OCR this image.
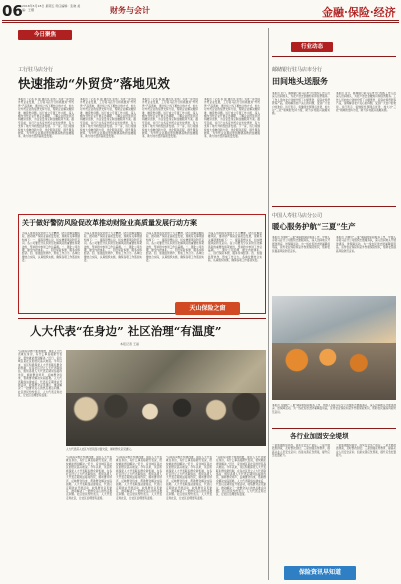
06 2018年5月18日 星期五 责任编辑：张晓 美编：王娜	财务与会计	金融·保险·经济
今日聚焦
工行驻马店分行
快速推动“外贸贷”落地见效
本报讯（记者 李 强 通讯员 张伟）为进一步支持外贸企业发展，工行驻马店分行积极推进“外贸贷”产品落地，通过线上线下相结合的方式，加大对外贸企业的信贷支持力度，帮助企业解决融资难、融资贵问题。该行成立专项工作小组，深入辖内外贸企业开展走访调研，了解企业经营状况和融资需求，为企业量身定制金融服务方案。截至目前，该行已为多家外贸企业发放贷款，有力支持了地方外向型经济发展。下一步，该行将继续加大金融创新力度，优化服务流程，提升服务效率，为外贸企业提供更加便捷高效的金融服务，助力地方经济高质量发展。
本报讯（记者 李 强 通讯员 张伟）为进一步支持外贸企业发展，工行驻马店分行积极推进“外贸贷”产品落地，通过线上线下相结合的方式，加大对外贸企业的信贷支持力度，帮助企业解决融资难、融资贵问题。该行成立专项工作小组，深入辖内外贸企业开展走访调研，了解企业经营状况和融资需求，为企业量身定制金融服务方案。截至目前，该行已为多家外贸企业发放贷款，有力支持了地方外向型经济发展。下一步，该行将继续加大金融创新力度，优化服务流程，提升服务效率，为外贸企业提供更加便捷高效的金融服务，助力地方经济高质量发展。
本报讯（记者 李 强 通讯员 张伟）为进一步支持外贸企业发展，工行驻马店分行积极推进“外贸贷”产品落地，通过线上线下相结合的方式，加大对外贸企业的信贷支持力度，帮助企业解决融资难、融资贵问题。该行成立专项工作小组，深入辖内外贸企业开展走访调研，了解企业经营状况和融资需求，为企业量身定制金融服务方案。截至目前，该行已为多家外贸企业发放贷款，有力支持了地方外向型经济发展。下一步，该行将继续加大金融创新力度，优化服务流程，提升服务效率，为外贸企业提供更加便捷高效的金融服务，助力地方经济高质量发展。
本报讯（记者 李 强 通讯员 张伟）为进一步支持外贸企业发展，工行驻马店分行积极推进“外贸贷”产品落地，通过线上线下相结合的方式，加大对外贸企业的信贷支持力度，帮助企业解决融资难、融资贵问题。该行成立专项工作小组，深入辖内外贸企业开展走访调研，了解企业经营状况和融资需求，为企业量身定制金融服务方案。截至目前，该行已为多家外贸企业发放贷款，有力支持了地方外向型经济发展。下一步，该行将继续加大金融创新力度，优化服务流程，提升服务效率，为外贸企业提供更加便捷高效的金融服务，助力地方经济高质量发展。
行业动态
邮储银行驻马店市分行
田间地头送服务
本报讯 近日，邮储银行驻马店市分行组织工作人员深入田间地头，为农户送去金融知识和信贷服务。工作人员向农户详细介绍了小额贷款、家庭农场贷款等产品，现场解答农户关心的问题，受到广大农户的欢迎。该行表示，将继续发挥网点优势，加大对“三农”领域的支持力度，助力乡村振兴战略实施。
本报讯 近日，邮储银行驻马店市分行组织工作人员深入田间地头，为农户送去金融知识和信贷服务。工作人员向农户详细介绍了小额贷款、家庭农场贷款等产品，现场解答农户关心的问题，受到广大农户的欢迎。该行表示，将继续发挥网点优势，加大对“三农”领域的支持力度，助力乡村振兴战略实施。
中国人寿驻马店分公司
暖心服务护航“三夏”生产
本报讯 为做好“三夏”期间的保险服务工作，中国人寿驻马店分公司组织志愿服务队，深入田间地头开展送清凉、送保障活动，为一线农民送去防暑降温用品，宣传农业保险和意外伤害保险知识，帮助农民提高风险防范意识。
本报讯 为做好“三夏”期间的保险服务工作，中国人寿驻马店分公司组织志愿服务队，深入田间地头开展送清凉、送保障活动，为一线农民送去防暑降温用品，宣传农业保险和意外伤害保险知识，帮助农民提高风险防范意识。
本报讯 为做好“三夏”期间的保险服务工作，中国人寿驻马店分公司组织志愿服务队，深入田间地头开展送清凉、送保障活动，为一线农民送去防暑降温用品，宣传农业保险和意外伤害保险知识，帮助农民提高风险防范意识。
关于做好警防风险促改革推动财险业高质量发展行动方案
为深入贯彻落实党的十九大精神，防范化解金融风险，推动财产保险业高质量发展，现就有关事项通知如下：一、提高思想认识，切实增强风险防范意识。各公司要充分认识防范化解风险的重要性和紧迫性，坚持稳中求进工作总基调。二、强化公司治理，健全内控体系。三、回归保险本源，服务实体经济。四、加强监管协作，形成工作合力。各单位要结合实际，认真组织实施，确保各项工作落到实处。
为深入贯彻落实党的十九大精神，防范化解金融风险，推动财产保险业高质量发展，现就有关事项通知如下：一、提高思想认识，切实增强风险防范意识。各公司要充分认识防范化解风险的重要性和紧迫性，坚持稳中求进工作总基调。二、强化公司治理，健全内控体系。三、回归保险本源，服务实体经济。四、加强监管协作，形成工作合力。各单位要结合实际，认真组织实施，确保各项工作落到实处。
为深入贯彻落实党的十九大精神，防范化解金融风险，推动财产保险业高质量发展，现就有关事项通知如下：一、提高思想认识，切实增强风险防范意识。各公司要充分认识防范化解风险的重要性和紧迫性，坚持稳中求进工作总基调。二、强化公司治理，健全内控体系。三、回归保险本源，服务实体经济。四、加强监管协作，形成工作合力。各单位要结合实际，认真组织实施，确保各项工作落到实处。
为深入贯彻落实党的十九大精神，防范化解金融风险，推动财产保险业高质量发展，现就有关事项通知如下：一、提高思想认识，切实增强风险防范意识。各公司要充分认识防范化解风险的重要性和紧迫性，坚持稳中求进工作总基调。二、强化公司治理，健全内控体系。三、回归保险本源，服务实体经济。四、加强监管协作，形成工作合力。各单位要结合实际，认真组织实施，确保各项工作落到实处。
天山保险之窗
人大代表“在身边” 社区治理“有温度”
本报记者 王丽
“以前有问题不知道找谁，现在人大代表就在身边，有什么事直接跟代表说，很快就能得到解决。”近日，家住城区某社区的居民高兴地说。今年以来，该区积极探索人大代表联系群众新机制，在各社区设立人大代表联络站，组织各级人大代表定期进站接待选民，倾听群众呼声，反映群众诉求，帮助群众解决实际困难。人大代表联络站建成后，代表们定期进站开展活动，收集群众意见建议，推动解决了一批群众关心的热点难点问题。社区居民纷纷表示，人大代表走进社区，让社区治理更有温度。
人大代表深入社区与居民面对面交流，倾听群众意见建议。
“以前有问题不知道找谁，现在人大代表就在身边，有什么事直接跟代表说，很快就能得到解决。”近日，家住城区某社区的居民高兴地说。今年以来，该区积极探索人大代表联系群众新机制，在各社区设立人大代表联络站，组织各级人大代表定期进站接待选民，倾听群众呼声，反映群众诉求，帮助群众解决实际困难。人大代表联络站建成后，代表们定期进站开展活动，收集群众意见建议，推动解决了一批群众关心的热点难点问题。社区居民纷纷表示，人大代表走进社区，让社区治理更有温度。
“以前有问题不知道找谁，现在人大代表就在身边，有什么事直接跟代表说，很快就能得到解决。”近日，家住城区某社区的居民高兴地说。今年以来，该区积极探索人大代表联系群众新机制，在各社区设立人大代表联络站，组织各级人大代表定期进站接待选民，倾听群众呼声，反映群众诉求，帮助群众解决实际困难。人大代表联络站建成后，代表们定期进站开展活动，收集群众意见建议，推动解决了一批群众关心的热点难点问题。社区居民纷纷表示，人大代表走进社区，让社区治理更有温度。
“以前有问题不知道找谁，现在人大代表就在身边，有什么事直接跟代表说，很快就能得到解决。”近日，家住城区某社区的居民高兴地说。今年以来，该区积极探索人大代表联系群众新机制，在各社区设立人大代表联络站，组织各级人大代表定期进站接待选民，倾听群众呼声，反映群众诉求，帮助群众解决实际困难。人大代表联络站建成后，代表们定期进站开展活动，收集群众意见建议，推动解决了一批群众关心的热点难点问题。社区居民纷纷表示，人大代表走进社区，让社区治理更有温度。
“以前有问题不知道找谁，现在人大代表就在身边，有什么事直接跟代表说，很快就能得到解决。”近日，家住城区某社区的居民高兴地说。今年以来，该区积极探索人大代表联系群众新机制，在各社区设立人大代表联络站，组织各级人大代表定期进站接待选民，倾听群众呼声，反映群众诉求，帮助群众解决实际困难。人大代表联络站建成后，代表们定期进站开展活动，收集群众意见建议，推动解决了一批群众关心的热点难点问题。社区居民纷纷表示，人大代表走进社区，让社区治理更有温度。
各行业加固安全堤坝
一是加强组织领导，落实安全生产责任；二是开展隐患排查，及时整改到位；三是加强宣传教育，提高从业人员安全意识；四是完善应急预案，提升应急处置能力。
一是加强组织领导，落实安全生产责任；二是开展隐患排查，及时整改到位；三是加强宣传教育，提高从业人员安全意识；四是完善应急预案，提升应急处置能力。
保险资讯早知道
